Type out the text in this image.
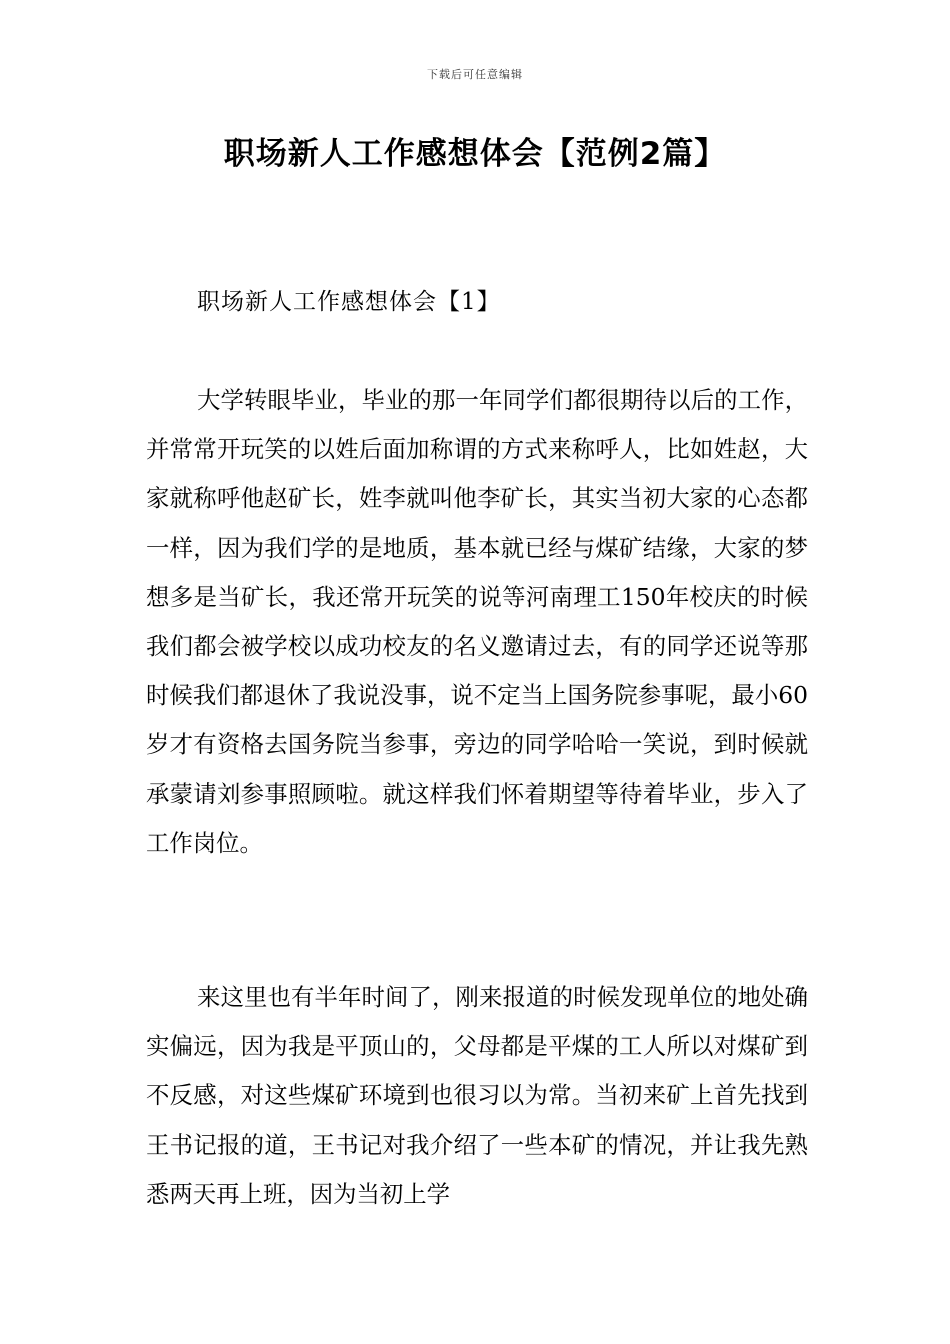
下载后可任意编辑
职场新人工作感想体会【范例2篇】
职场新人工作感想体会【1】

大学转眼毕业，毕业的那一年同学们都很期待以后的工作，并常常开玩笑的以姓后面加称谓的方式来称呼人，比如姓赵，大家就称呼他赵矿长，姓李就叫他李矿长，其实当初大家的心态都一样，因为我们学的是地质，基本就已经与煤矿结缘，大家的梦想多是当矿长，我还常开玩笑的说等河南理工150年校庆的时候我们都会被学校以成功校友的名义邀请过去，有的同学还说等那时候我们都退休了我说没事，说不定当上国务院参事呢，最小60岁才有资格去国务院当参事，旁边的同学哈哈一笑说，到时候就承蒙请刘参事照顾啦。就这样我们怀着期望等待着毕业，步入了工作岗位。

来这里也有半年时间了，刚来报道的时候发现单位的地处确实偏远，因为我是平顶山的，父母都是平煤的工人所以对煤矿到不反感，对这些煤矿环境到也很习以为常。当初来矿上首先找到王书记报的道，王书记对我介绍了一些本矿的情况，并让我先熟悉两天再上班，因为当初上学
